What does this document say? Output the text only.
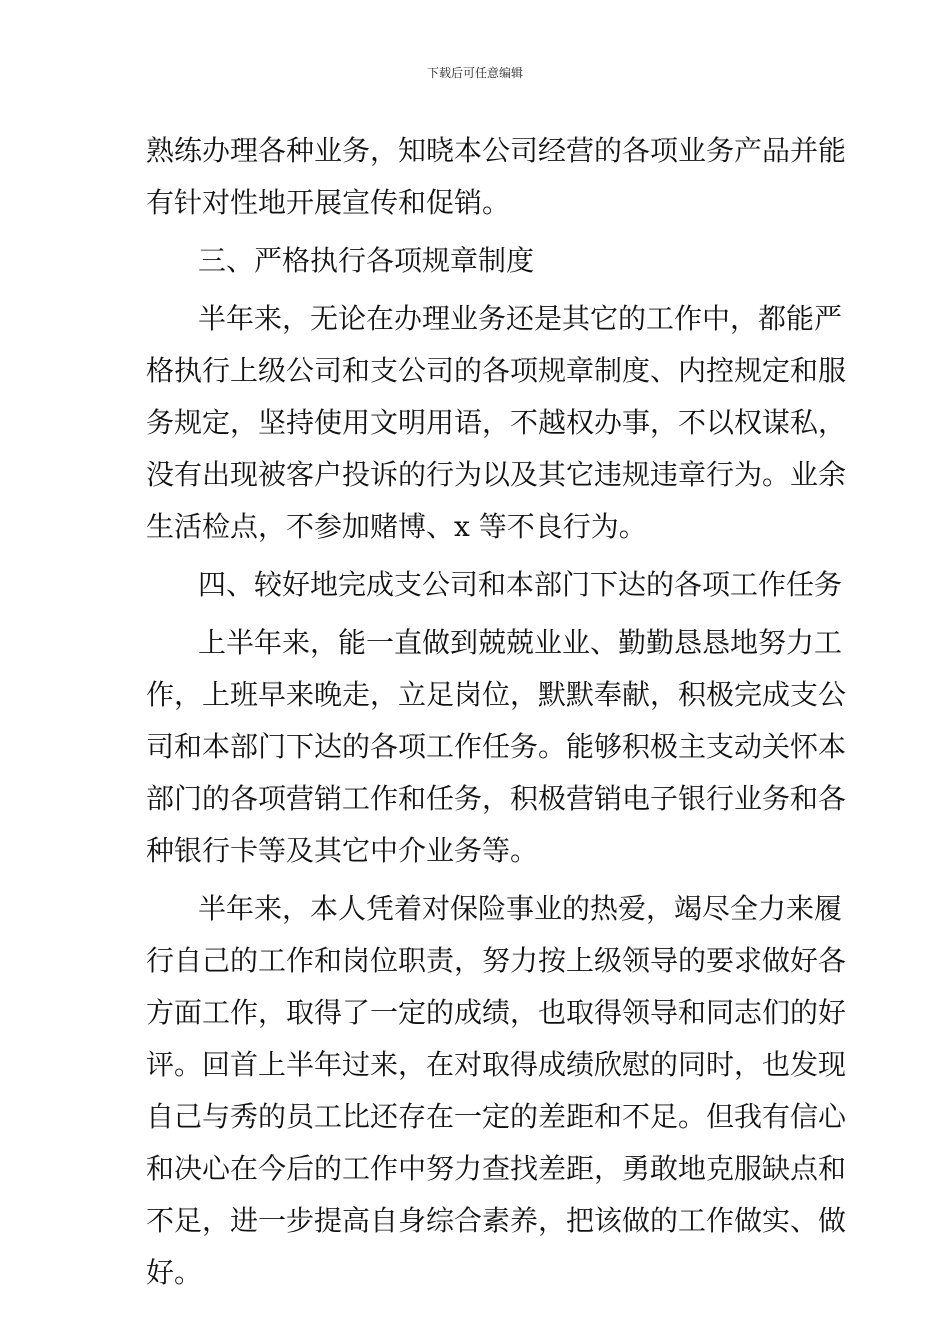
下载后可任意编辑
熟练办理各种业务，知晓本公司经营的各项业务产品并能
有针对性地开展宣传和促销。
三、严格执行各项规章制度
半年来，无论在办理业务还是其它的工作中，都能严
格执行上级公司和支公司的各项规章制度、内控规定和服
务规定，坚持使用文明用语，不越权办事，不以权谋私，
没有出现被客户投诉的行为以及其它违规违章行为。业余
生活检点，不参加赌博、x 等不良行为。
四、较好地完成支公司和本部门下达的各项工作任务
上半年来，能一直做到兢兢业业、勤勤恳恳地努力工
作，上班早来晚走，立足岗位，默默奉献，积极完成支公
司和本部门下达的各项工作任务。能够积极主支动关怀本
部门的各项营销工作和任务，积极营销电子银行业务和各
种银行卡等及其它中介业务等。
半年来，本人凭着对保险事业的热爱，竭尽全力来履
行自己的工作和岗位职责，努力按上级领导的要求做好各
方面工作，取得了一定的成绩，也取得领导和同志们的好
评。回首上半年过来，在对取得成绩欣慰的同时，也发现
自己与秀的员工比还存在一定的差距和不足。但我有信心
和决心在今后的工作中努力查找差距，勇敢地克服缺点和
不足，进一步提高自身综合素养，把该做的工作做实、做
好。
